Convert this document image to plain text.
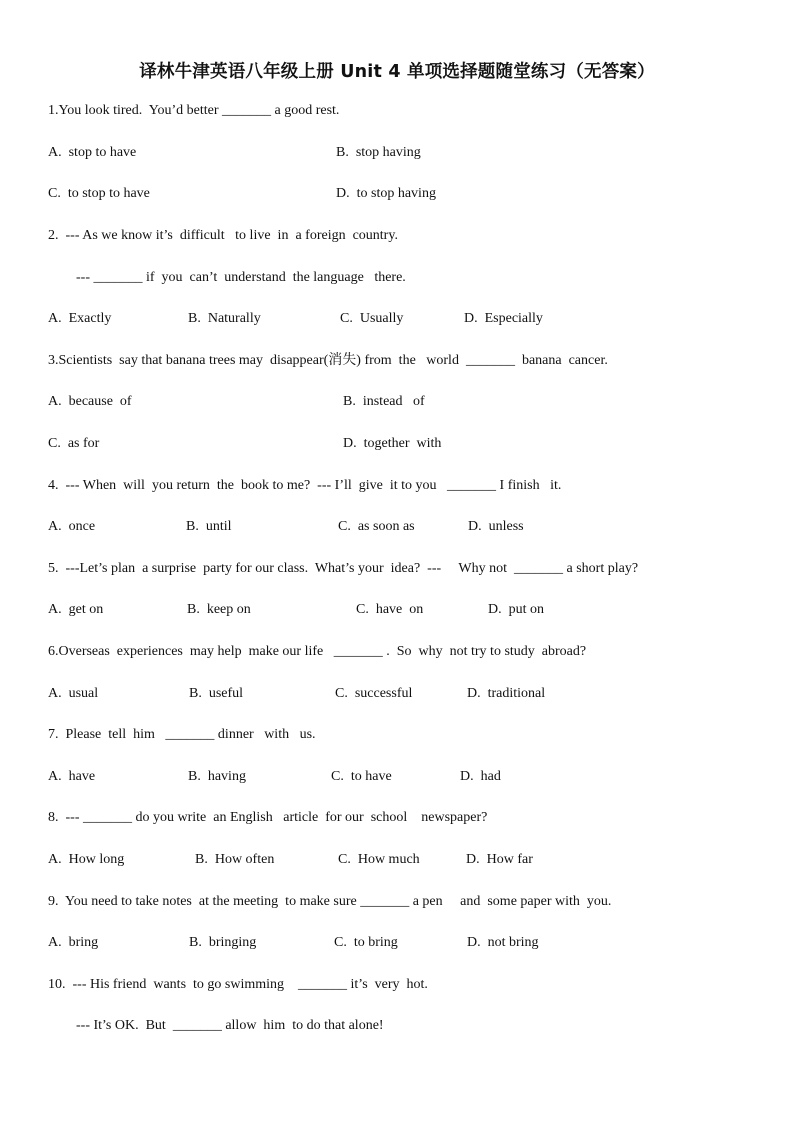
译林牛津英语八年级上册 Unit 4 单项选择题随堂练习（无答案）
1.You look tired.  You’d better _______ a good rest.
A.  stop to have	B.  stop having
C.  to stop to have	D.  to stop having
2.  --- As we know it’s  difficult   to live  in  a foreign  country.
--- _______ if  you  can’t  understand  the language   there.
A.  Exactly	B.  Naturally	C.  Usually	D.  Especially
3.Scientists  say that banana trees may  disappear(消失) from  the   world  _______  banana  cancer.
A.  because  of	B.  instead   of
C.  as for	D.  together  with
4.  --- When  will  you return  the  book to me?  --- I’ll  give  it to you   _______ I finish   it.
A.  once	B.  until	C.  as soon as	D.  unless
5.  ---Let’s plan  a surprise  party for our class.  What’s your  idea?  ---     Why not  _______ a short play?
A.  get on	B.  keep on	C.  have  on	D.  put on
6.Overseas  experiences  may help  make our life   _______ .  So  why  not try to study  abroad?
A.  usual	B.  useful	C.  successful	D.  traditional
7.  Please  tell  him   _______ dinner   with   us.
A.  have	B.  having	C.  to have	D.  had
8.  --- _______ do you write  an English   article  for our  school    newspaper?
A.  How long	B.  How often	C.  How much	D.  How far
9.  You need to take notes  at the meeting  to make sure _______ a pen     and  some paper with  you.
A.  bring	B.  bringing	C.  to bring	D.  not bring
10.  --- His friend  wants  to go swimming    _______ it’s  very  hot.
--- It’s OK.  But  _______ allow  him  to do that alone!
